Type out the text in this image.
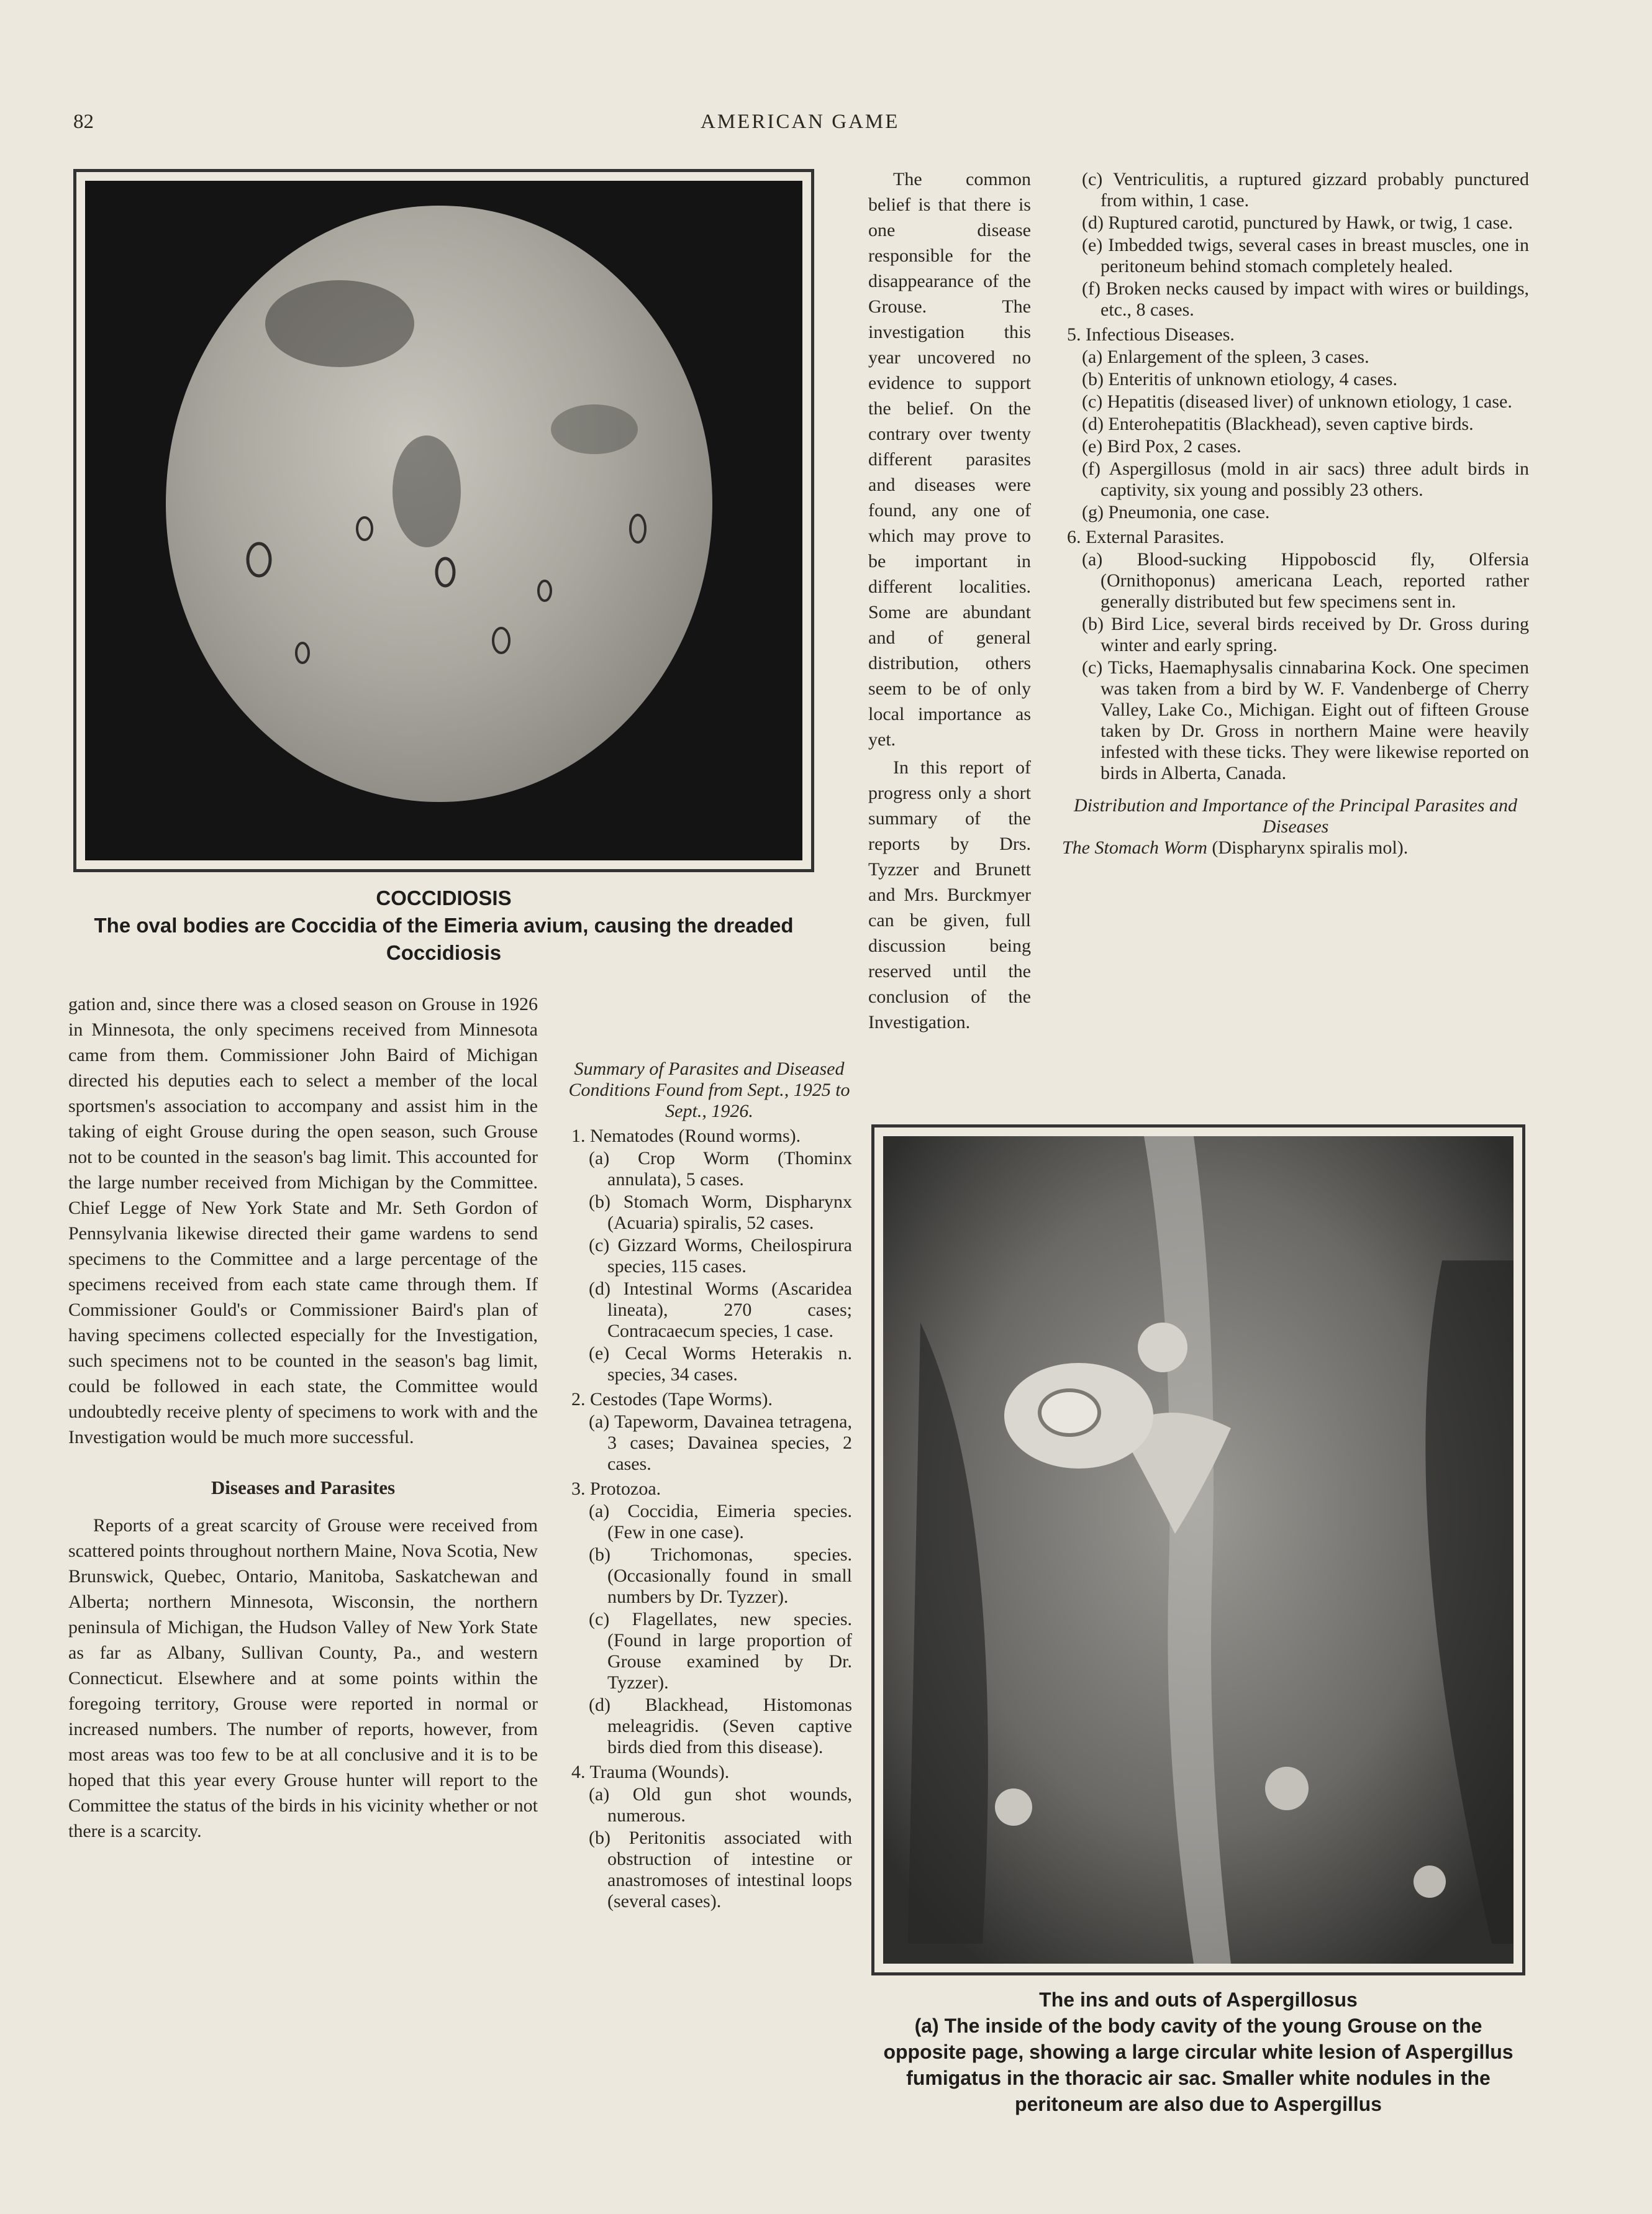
82	AMERICAN GAME
COCCIDIOSIS
The oval bodies are Coccidia of the Eimeria avium, causing the dreaded Coccidiosis

The common belief is that there is one disease responsible for the disappearance of the Grouse. The investigation this year uncovered no evidence to support the belief. On the contrary over twenty different parasites and diseases were found, any one of which may prove to be important in different localities. Some are abundant and of general distribution, others seem to be of only local importance as yet.

In this report of progress only a short summary of the reports by Drs. Tyzzer and Brunett and Mrs. Burckmyer can be given, full discussion being reserved until the conclusion of the Investigation.

gation and, since there was a closed season on Grouse in 1926 in Minnesota, the only specimens received from Minnesota came from them. Commissioner John Baird of Michigan directed his deputies each to select a member of the local sportsmen's association to accompany and assist him in the taking of eight Grouse during the open season, such Grouse not to be counted in the season's bag limit. This accounted for the large number received from Michigan by the Committee. Chief Legge of New York State and Mr. Seth Gordon of Pennsylvania likewise directed their game wardens to send specimens to the Committee and a large percentage of the specimens received from each state came through them. If Commissioner Gould's or Commissioner Baird's plan of having specimens collected especially for the Investigation, such specimens not to be counted in the season's bag limit, could be followed in each state, the Committee would undoubtedly receive plenty of specimens to work with and the Investigation would be much more successful.

Diseases and Parasites

Reports of a great scarcity of Grouse were received from scattered points throughout northern Maine, Nova Scotia, New Brunswick, Quebec, Ontario, Manitoba, Saskatchewan and Alberta; northern Minnesota, Wisconsin, the northern peninsula of Michigan, the Hudson Valley of New York State as far as Albany, Sullivan County, Pa., and western Connecticut. Elsewhere and at some points within the foregoing territory, Grouse were reported in normal or increased numbers. The number of reports, however, from most areas was too few to be at all conclusive and it is to be hoped that this year every Grouse hunter will report to the Committee the status of the birds in his vicinity whether or not there is a scarcity.

Summary of Parasites and Diseased Conditions Found from Sept., 1925 to Sept., 1926.
1. Nematodes (Round worms).
(a) Crop Worm (Thominx annulata), 5 cases.
(b) Stomach Worm, Dispharynx (Acuaria) spiralis, 52 cases.
(c) Gizzard Worms, Cheilospirura species, 115 cases.
(d) Intestinal Worms (Ascaridea lineata), 270 cases; Contracaecum species, 1 case.
(e) Cecal Worms Heterakis n. species, 34 cases.
2. Cestodes (Tape Worms).
(a) Tapeworm, Davainea tetragena, 3 cases; Davainea species, 2 cases.
3. Protozoa.
(a) Coccidia, Eimeria species. (Few in one case).
(b) Trichomonas, species. (Occasionally found in small numbers by Dr. Tyzzer).
(c) Flagellates, new species. (Found in large proportion of Grouse examined by Dr. Tyzzer).
(d) Blackhead, Histomonas meleagridis. (Seven captive birds died from this disease).
4. Trauma (Wounds).
(a) Old gun shot wounds, numerous.
(b) Peritonitis associated with obstruction of intestine or anastromoses of intestinal loops (several cases).
(c) Ventriculitis, a ruptured gizzard probably punctured from within, 1 case.
(d) Ruptured carotid, punctured by Hawk, or twig, 1 case.
(e) Imbedded twigs, several cases in breast muscles, one in peritoneum behind stomach completely healed.
(f) Broken necks caused by impact with wires or buildings, etc., 8 cases.
5. Infectious Diseases.
(a) Enlargement of the spleen, 3 cases.
(b) Enteritis of unknown etiology, 4 cases.
(c) Hepatitis (diseased liver) of unknown etiology, 1 case.
(d) Enterohepatitis (Blackhead), seven captive birds.
(e) Bird Pox, 2 cases.
(f) Aspergillosus (mold in air sacs) three adult birds in captivity, six young and possibly 23 others.
(g) Pneumonia, one case.
6. External Parasites.
(a) Blood-sucking Hippoboscid fly, Olfersia (Ornithoponus) americana Leach, reported rather generally distributed but few specimens sent in.
(b) Bird Lice, several birds received by Dr. Gross during winter and early spring.
(c) Ticks, Haemaphysalis cinnabarina Kock. One specimen was taken from a bird by W. F. Vandenberge of Cherry Valley, Lake Co., Michigan. Eight out of fifteen Grouse taken by Dr. Gross in northern Maine were heavily infested with these ticks. They were likewise reported on birds in Alberta, Canada.
Distribution and Importance of the Principal Parasites and Diseases
The Stomach Worm (Dispharynx spiralis mol).
The ins and outs of Aspergillosus
(a) The inside of the body cavity of the young Grouse on the opposite page, showing a large circular white lesion of Aspergillus fumigatus in the thoracic air sac. Smaller white nodules in the peritoneum are also due to Aspergillus
